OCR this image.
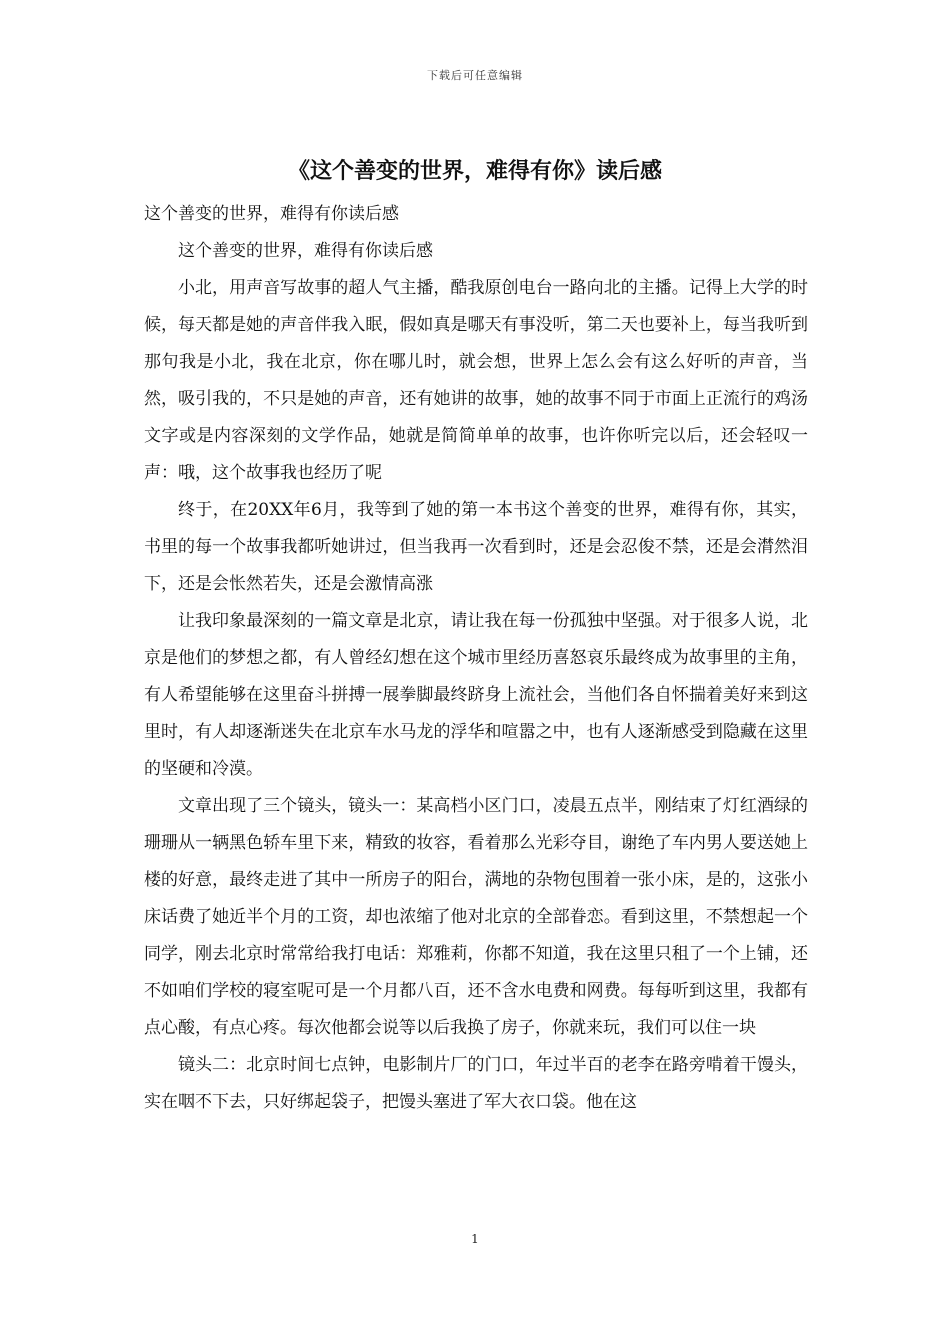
下载后可任意编辑
《这个善变的世界，难得有你》读后感

这个善变的世界，难得有你读后感

这个善变的世界，难得有你读后感

小北，用声音写故事的超人气主播，酷我原创电台一路向北的主播。记得上大学的时候，每天都是她的声音伴我入眠，假如真是哪天有事没听，第二天也要补上，每当我听到那句我是小北，我在北京，你在哪儿时，就会想，世界上怎么会有这么好听的声音，当然，吸引我的，不只是她的声音，还有她讲的故事，她的故事不同于市面上正流行的鸡汤文字或是内容深刻的文学作品，她就是简简单单的故事，也许你听完以后，还会轻叹一声：哦，这个故事我也经历了呢

终于，在20XX年6月，我等到了她的第一本书这个善变的世界，难得有你，其实，书里的每一个故事我都听她讲过，但当我再一次看到时，还是会忍俊不禁，还是会潸然泪下，还是会怅然若失，还是会激情高涨

让我印象最深刻的一篇文章是北京，请让我在每一份孤独中坚强。对于很多人说，北京是他们的梦想之都，有人曾经幻想在这个城市里经历喜怒哀乐最终成为故事里的主角，有人希望能够在这里奋斗拼搏一展拳脚最终跻身上流社会，当他们各自怀揣着美好来到这里时，有人却逐渐迷失在北京车水马龙的浮华和喧嚣之中，也有人逐渐感受到隐藏在这里的坚硬和冷漠。

文章出现了三个镜头，镜头一：某高档小区门口，凌晨五点半，刚结束了灯红酒绿的珊珊从一辆黑色轿车里下来，精致的妆容，看着那么光彩夺目，谢绝了车内男人要送她上楼的好意，最终走进了其中一所房子的阳台，满地的杂物包围着一张小床，是的，这张小床话费了她近半个月的工资，却也浓缩了他对北京的全部眷恋。看到这里，不禁想起一个同学，刚去北京时常常给我打电话：郑雅莉，你都不知道，我在这里只租了一个上铺，还不如咱们学校的寝室呢可是一个月都八百，还不含水电费和网费。每每听到这里，我都有点心酸，有点心疼。每次他都会说等以后我换了房子，你就来玩，我们可以住一块

镜头二：北京时间七点钟，电影制片厂的门口，年过半百的老李在路旁啃着干馒头，实在咽不下去，只好绑起袋子，把馒头塞进了军大衣口袋。他在这

1
